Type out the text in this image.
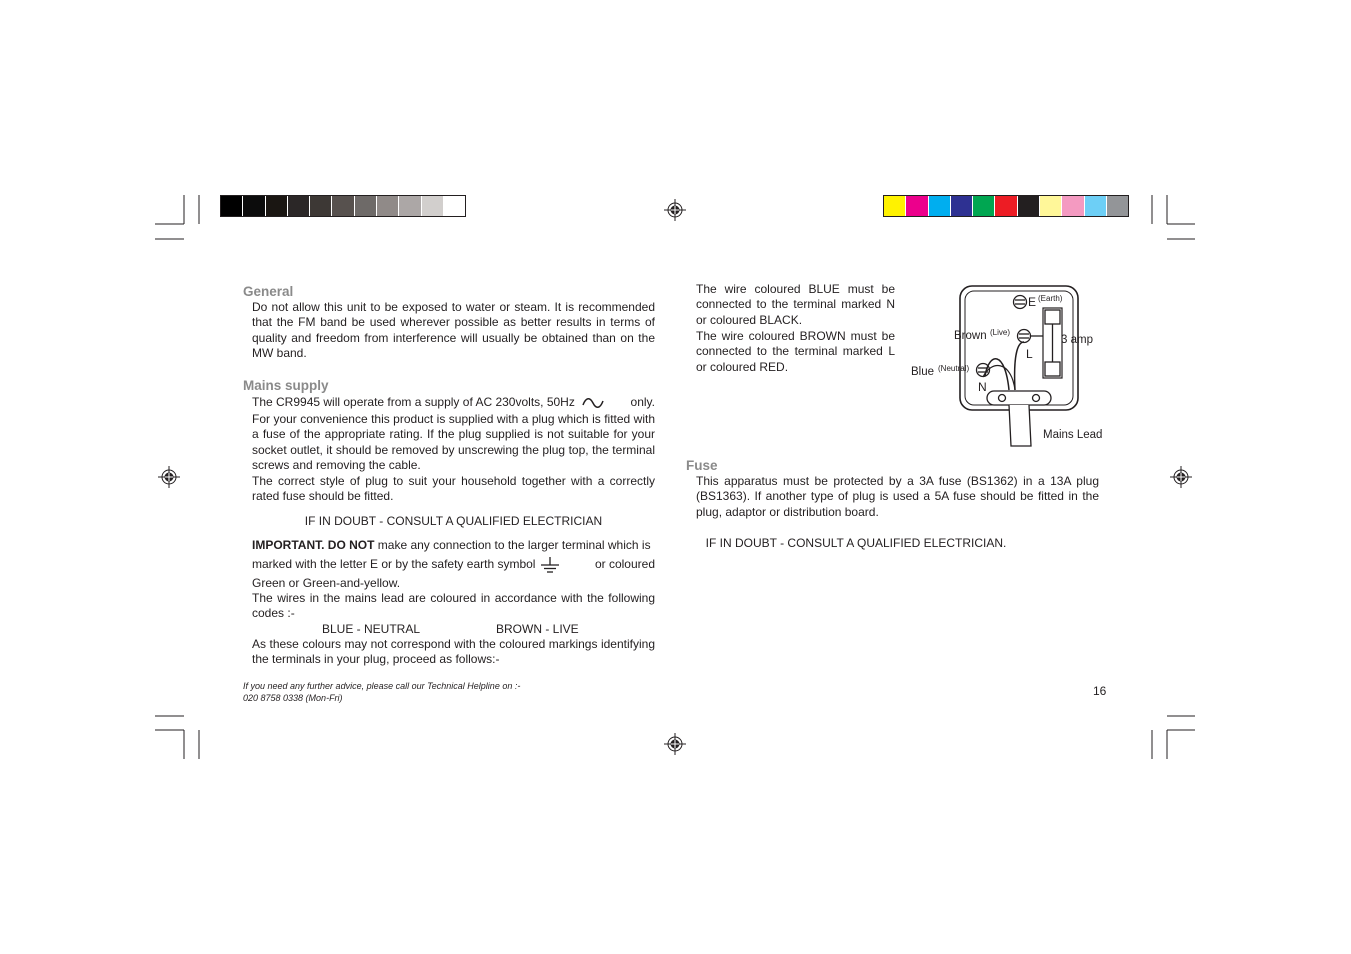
General
Do not allow this unit to be exposed to water or steam. It is recommended that the FM band be used wherever possible as better results in terms of quality and freedom from interference will usually be obtained than on the MW band.
Mains supply
The CR9945 will operate from a supply of AC 230volts, 50Hz	only.
For your convenience this product is supplied with a plug which is fitted with a fuse of the appropriate rating. If the plug supplied is not suitable for your socket outlet, it should be removed by unscrewing the plug top, the terminal screws and removing the cable.
The correct style of plug to suit your household together with a correctly rated fuse should be fitted.
IF IN DOUBT - CONSULT A QUALIFIED ELECTRICIAN
IMPORTANT. DO NOT make any connection to the larger terminal which is
marked with the letter E or by the safety earth symbol	or coloured
Green or Green-and-yellow.
The wires in the mains lead are coloured in accordance with the following codes :-
BLUE - NEUTRAL	BROWN - LIVE
As these colours may not correspond with the coloured markings identifying the terminals in your plug, proceed as follows:-
If you need any further advice, please call our Technical Helpline on :-
020 8758 0338 (Mon-Fri)
The wire coloured BLUE must be connected to the terminal marked N or coloured BLACK.
The wire coloured BROWN must be connected to the terminal marked L or coloured RED.
E (Earth)
Brown (Live)
L
3 amp
Blue (Neutral)
N
Mains Lead
Fuse
This apparatus must be protected by a 3A fuse (BS1362) in a 13A plug (BS1363). If another type of plug is used a 5A fuse should be fitted in the plug, adaptor or distribution board.
IF IN DOUBT - CONSULT A QUALIFIED ELECTRICIAN.
16
